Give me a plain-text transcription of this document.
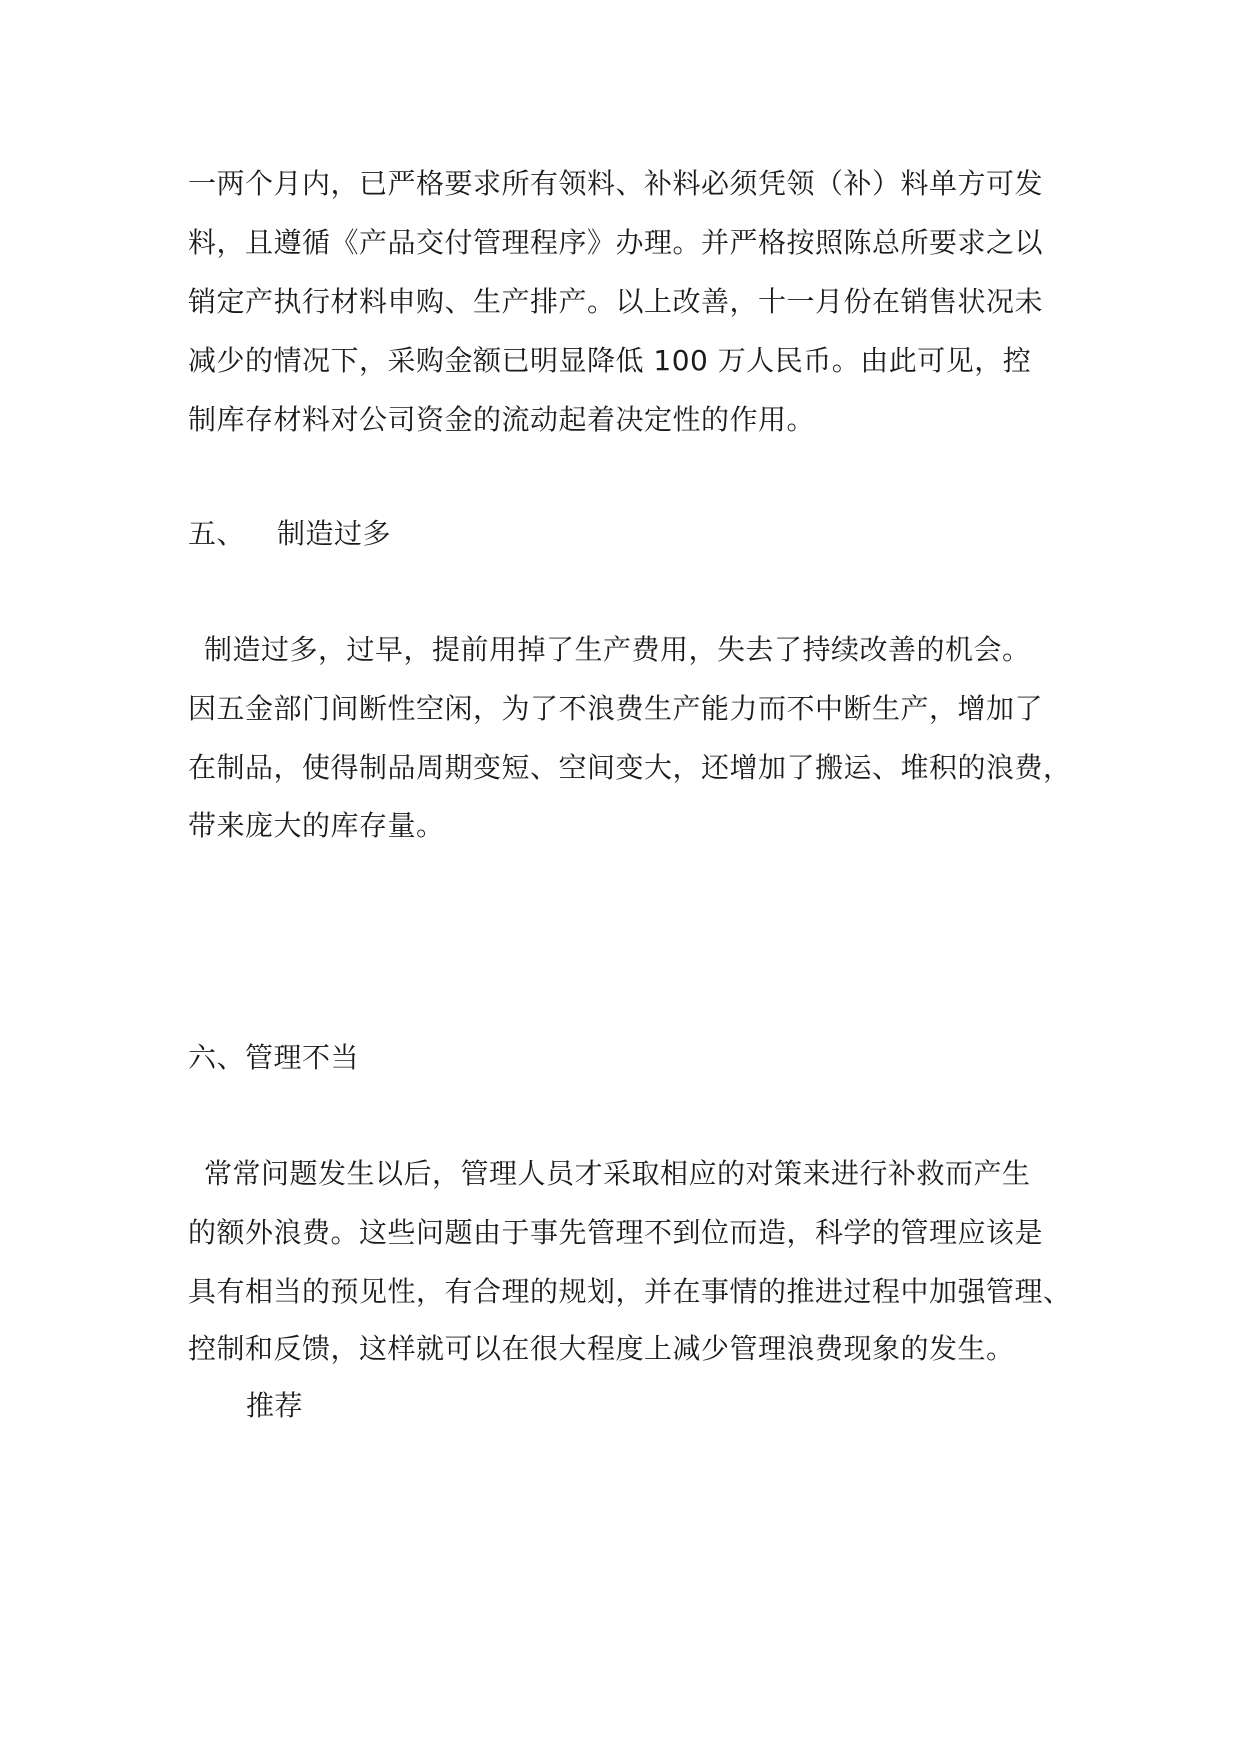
一两个月内，已严格要求所有领料、补料必须凭领（补）料单方可发
料，且遵循《产品交付管理程序》办理。并严格按照陈总所要求之以
销定产执行材料申购、生产排产。以上改善，十一月份在销售状况未
减少的情况下，采购金额已明显降低 100 万人民币。由此可见，控
制库存材料对公司资金的流动起着决定性的作用。
五、 制造过多
制造过多，过早，提前用掉了生产费用，失去了持续改善的机会。
因五金部门间断性空闲，为了不浪费生产能力而不中断生产，增加了
在制品，使得制品周期变短、空间变大，还增加了搬运、堆积的浪费，
带来庞大的库存量。
六、管理不当
常常问题发生以后，管理人员才采取相应的对策来进行补救而产生
的额外浪费。这些问题由于事先管理不到位而造，科学的管理应该是
具有相当的预见性，有合理的规划，并在事情的推进过程中加强管理、
控制和反馈，这样就可以在很大程度上减少管理浪费现象的发生。
推荐
